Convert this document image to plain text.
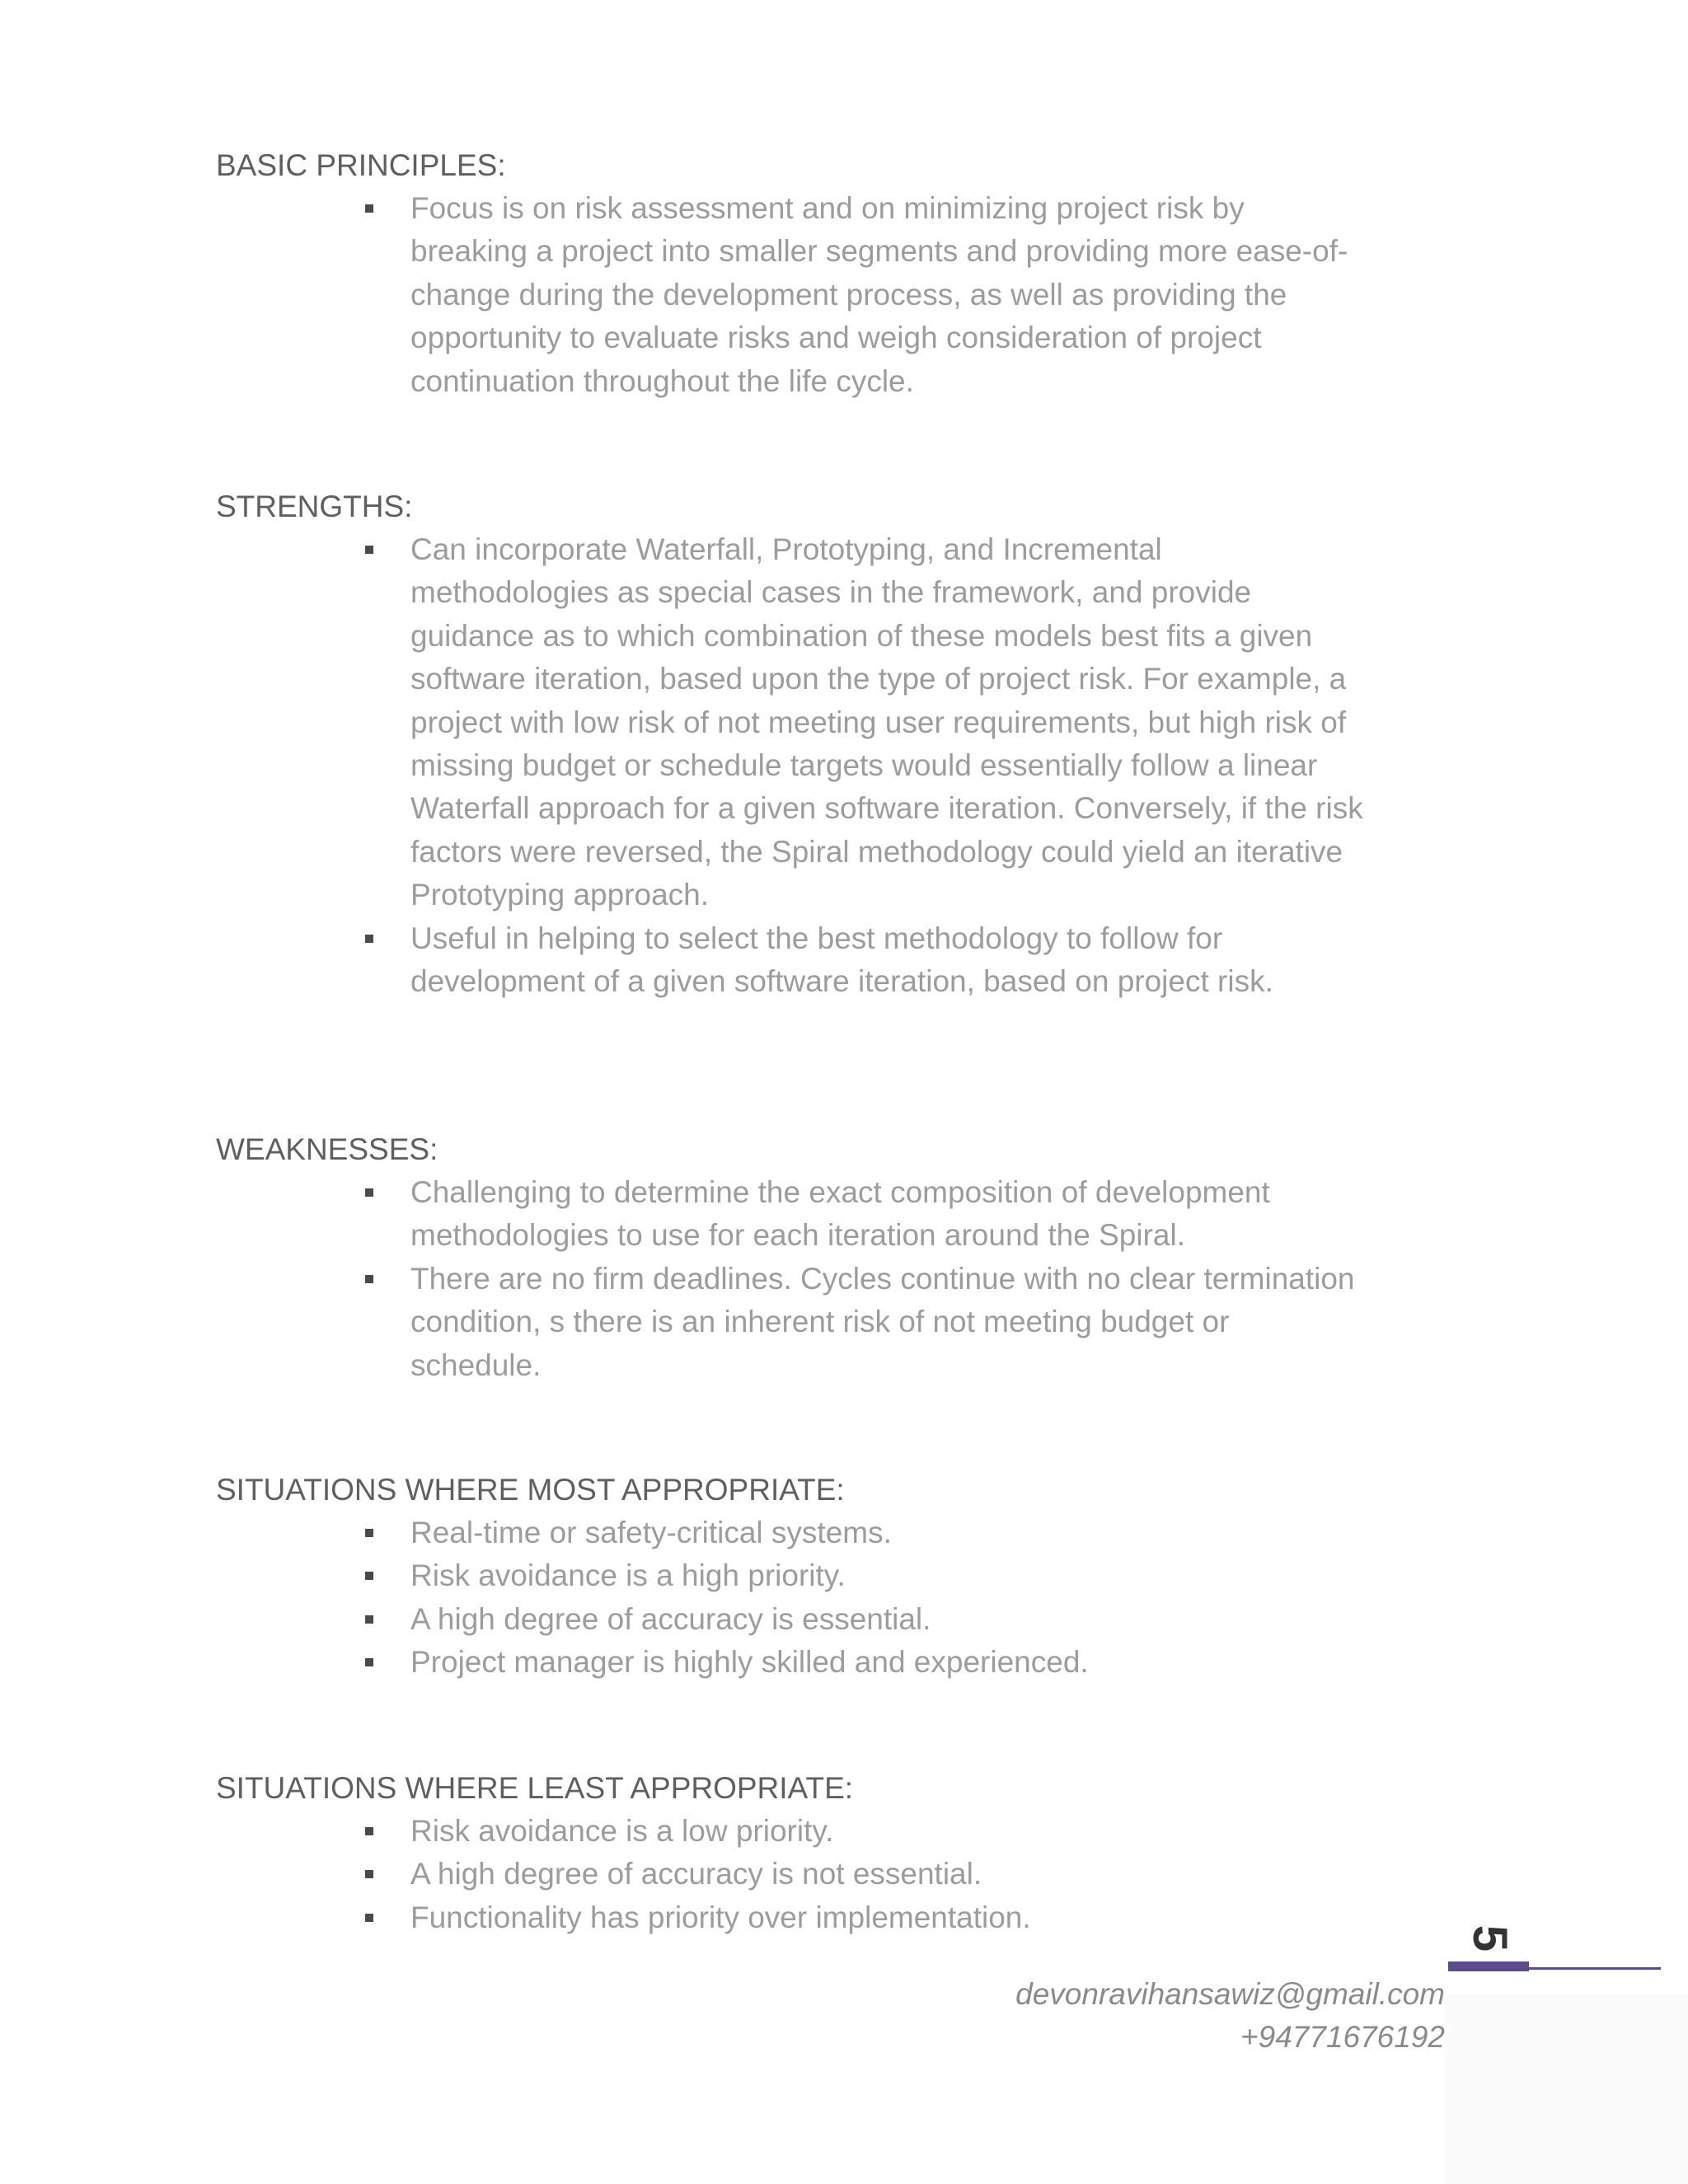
BASIC PRINCIPLES:

Focus is on risk assessment and on minimizing project risk by breaking a project into smaller segments and providing more ease-of-change during the development process, as well as providing the opportunity to evaluate risks and weigh consideration of project continuation throughout the life cycle.

STRENGTHS:

Can incorporate Waterfall, Prototyping, and Incremental methodologies as special cases in the framework, and provide guidance as to which combination of these models best fits a given software iteration, based upon the type of project risk. For example, a project with low risk of not meeting user requirements, but high risk of missing budget or schedule targets would essentially follow a linear Waterfall approach for a given software iteration. Conversely, if the risk factors were reversed, the Spiral methodology could yield an iterative Prototyping approach.
Useful in helping to select the best methodology to follow for development of a given software iteration, based on project risk.

WEAKNESSES:

Challenging to determine the exact composition of development methodologies to use for each iteration around the Spiral.
There are no firm deadlines. Cycles continue with no clear termination condition, s there is an inherent risk of not meeting budget or schedule.

SITUATIONS WHERE MOST APPROPRIATE:

Real-time or safety-critical systems.
Risk avoidance is a high priority.
A high degree of accuracy is essential.
Project manager is highly skilled and experienced.

SITUATIONS WHERE LEAST APPROPRIATE:

Risk avoidance is a low priority.
A high degree of accuracy is not essential.
Functionality has priority over implementation.
5
devonravihansawiz@gmail.com
+94771676192
